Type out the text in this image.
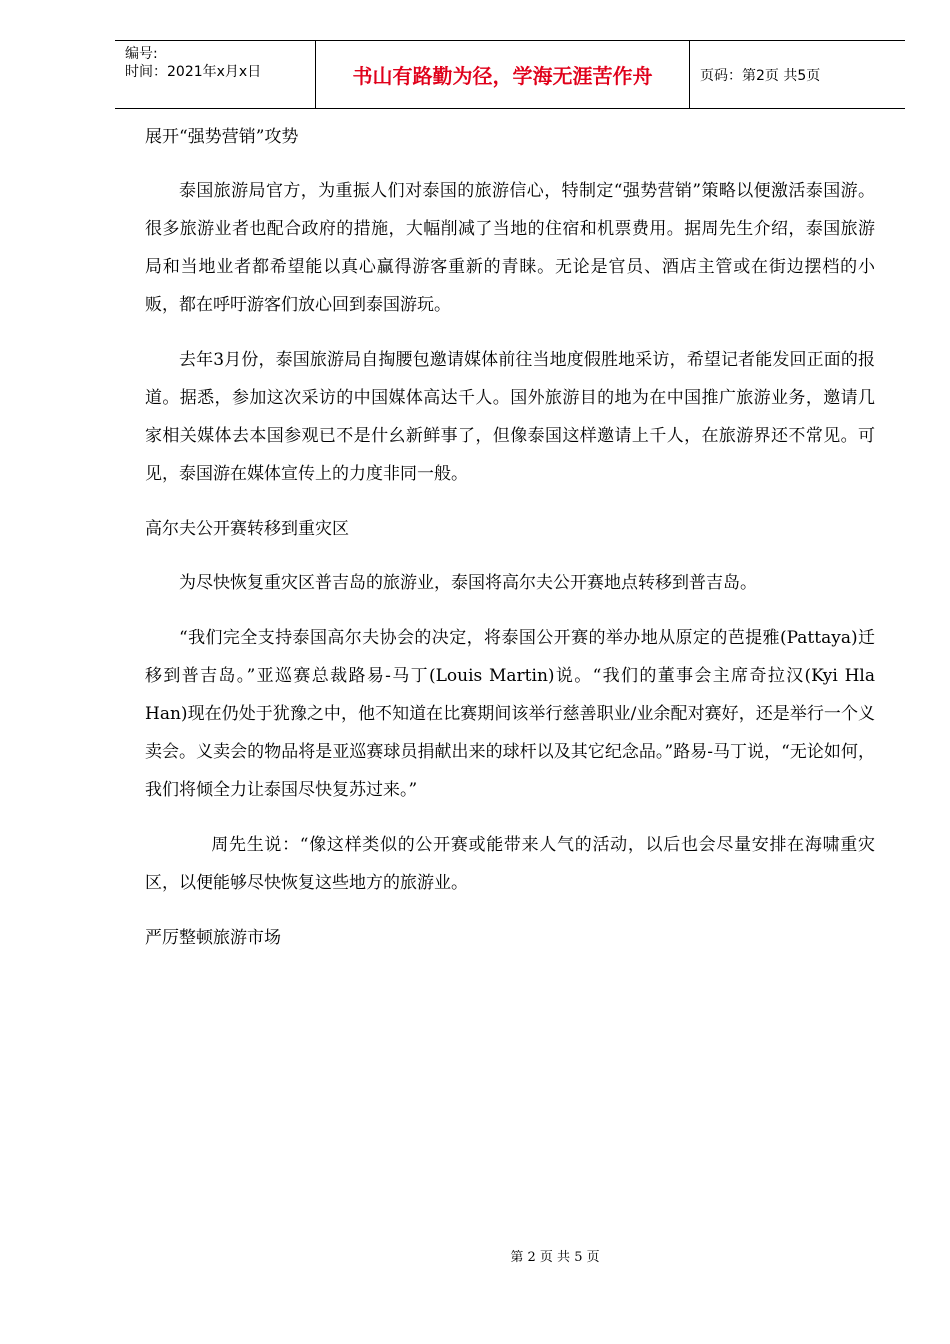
编号:
时间：2021年x月x日	书山有路勤为径，学海无涯苦作舟	页码：第2页 共5页

展开“强势营销”攻势

泰国旅游局官方，为重振人们对泰国的旅游信心，特制定“强势营销”策略以便激活泰国游。很多旅游业者也配合政府的措施，大幅削减了当地的住宿和机票费用。据周先生介绍，泰国旅游局和当地业者都希望能以真心赢得游客重新的青睐。无论是官员、酒店主管或在街边摆档的小贩，都在呼吁游客们放心回到泰国游玩。

去年3月份，泰国旅游局自掏腰包邀请媒体前往当地度假胜地采访，希望记者能发回正面的报道。据悉，参加这次采访的中国媒体高达千人。国外旅游目的地为在中国推广旅游业务，邀请几家相关媒体去本国参观已不是什幺新鲜事了，但像泰国这样邀请上千人，在旅游界还不常见。可见，泰国游在媒体宣传上的力度非同一般。

高尔夫公开赛转移到重灾区

为尽快恢复重灾区普吉岛的旅游业，泰国将高尔夫公开赛地点转移到普吉岛。

“我们完全支持泰国高尔夫协会的决定，将泰国公开赛的举办地从原定的芭提雅(Pattaya)迁移到普吉岛。”亚巡赛总裁路易-马丁(Louis Martin)说。“我们的董事会主席奇拉汉(Kyi Hla Han)现在仍处于犹豫之中，他不知道在比赛期间该举行慈善职业/业余配对赛好，还是举行一个义卖会。义卖会的物品将是亚巡赛球员捐献出来的球杆以及其它纪念品。”路易-马丁说，“无论如何，我们将倾全力让泰国尽快复苏过来。”

周先生说：“像这样类似的公开赛或能带来人气的活动，以后也会尽量安排在海啸重灾区，以便能够尽快恢复这些地方的旅游业。

严厉整顿旅游市场

第 2 页 共 5 页
